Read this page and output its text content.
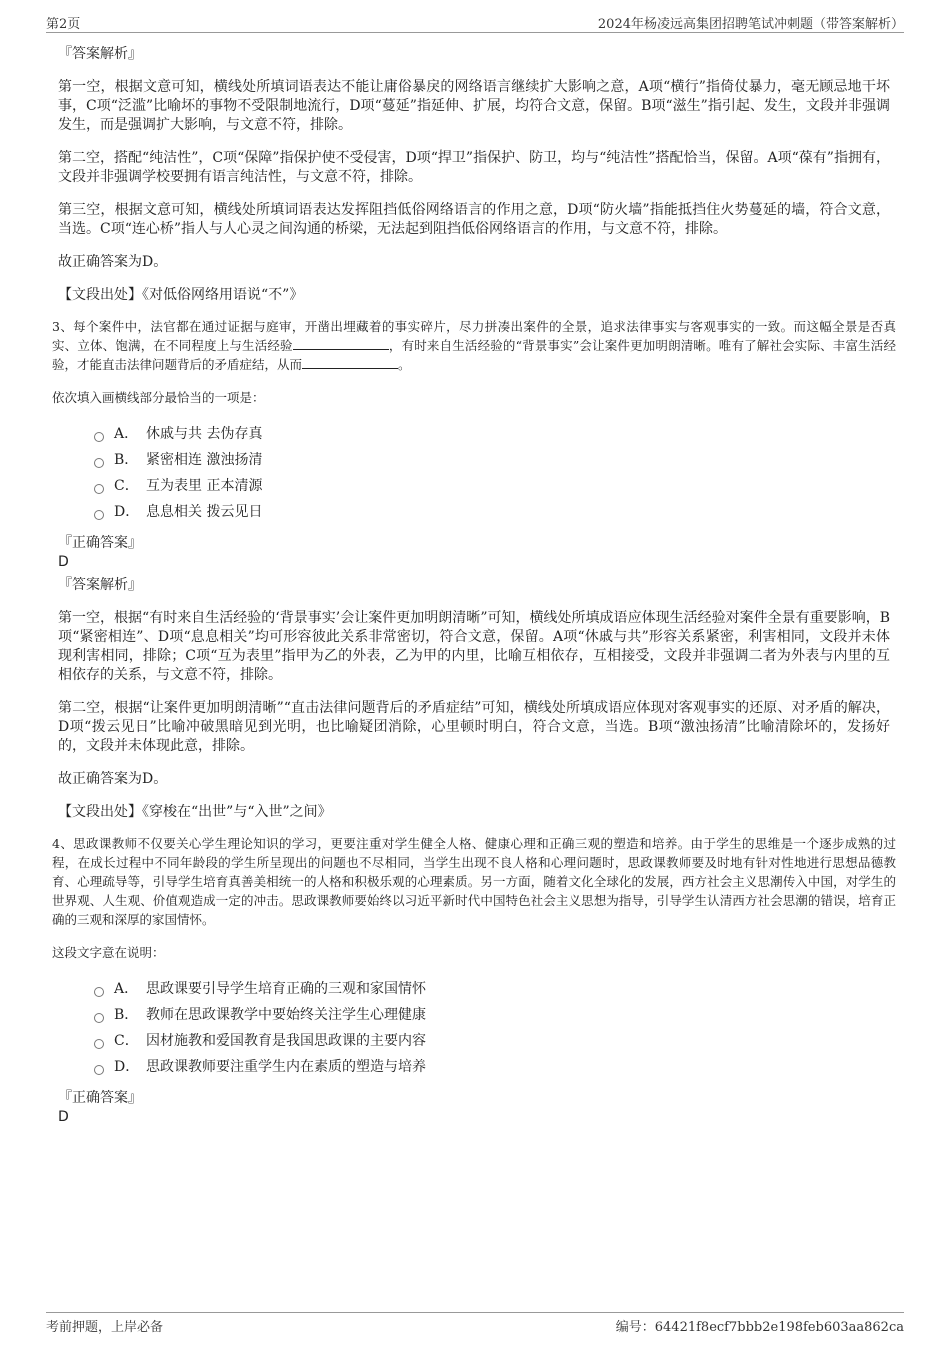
第2页	2024年杨凌远高集团招聘笔试冲刺题（带答案解析）
『答案解析』

第一空，根据文意可知，横线处所填词语表达不能让庸俗暴戾的网络语言继续扩大影响之意，A项“横行”指倚仗暴力，毫无顾忌地干坏事，C项“泛滥”比喻坏的事物不受限制地流行，D项“蔓延”指延伸、扩展，均符合文意，保留。B项“滋生”指引起、发生，文段并非强调发生，而是强调扩大影响，与文意不符，排除。

第二空，搭配“纯洁性”，C项“保障”指保护使不受侵害，D项“捍卫”指保护、防卫，均与“纯洁性”搭配恰当，保留。A项“葆有”指拥有，文段并非强调学校要拥有语言纯洁性，与文意不符，排除。

第三空，根据文意可知，横线处所填词语表达发挥阻挡低俗网络语言的作用之意，D项“防火墙”指能抵挡住火势蔓延的墙，符合文意，当选。C项“连心桥”指人与人心灵之间沟通的桥梁，无法起到阻挡低俗网络语言的作用，与文意不符，排除。

故正确答案为D。

【文段出处】《对低俗网络用语说“不”》

3、每个案件中，法官都在通过证据与庭审，开凿出埋藏着的事实碎片，尽力拼凑出案件的全景，追求法律事实与客观事实的一致。而这幅全景是否真实、立体、饱满，在不同程度上与生活经验	，有时来自生活经验的“背景事实”会让案件更加明朗清晰。唯有了解社会实际、丰富生活经验，才能直击法律问题背后的矛盾症结，从而	。

依次填入画横线部分最恰当的一项是：

A． 休戚与共 去伪存真
B． 紧密相连 激浊扬清
C． 互为表里 正本清源
D． 息息相关 拨云见日
『正确答案』
D
『答案解析』

第一空，根据“有时来自生活经验的‘背景事实’会让案件更加明朗清晰”可知，横线处所填成语应体现生活经验对案件全景有重要影响，B项“紧密相连”、D项“息息相关”均可形容彼此关系非常密切，符合文意，保留。A项“休戚与共”形容关系紧密，利害相同，文段并未体现利害相同，排除；C项“互为表里”指甲为乙的外表，乙为甲的内里，比喻互相依存，互相接受，文段并非强调二者为外表与内里的互相依存的关系，与文意不符，排除。

第二空，根据“让案件更加明朗清晰”“直击法律问题背后的矛盾症结”可知，横线处所填成语应体现对客观事实的还原、对矛盾的解决，D项“拨云见日”比喻冲破黑暗见到光明，也比喻疑团消除，心里顿时明白，符合文意，当选。B项“激浊扬清”比喻清除坏的，发扬好的，文段并未体现此意，排除。

故正确答案为D。

【文段出处】《穿梭在“出世”与“入世”之间》

4、思政课教师不仅要关心学生理论知识的学习，更要注重对学生健全人格、健康心理和正确三观的塑造和培养。由于学生的思维是一个逐步成熟的过程，在成长过程中不同年龄段的学生所呈现出的问题也不尽相同，当学生出现不良人格和心理问题时，思政课教师要及时地有针对性地进行思想品德教育、心理疏导等，引导学生培育真善美相统一的人格和积极乐观的心理素质。另一方面，随着文化全球化的发展，西方社会主义思潮传入中国，对学生的世界观、人生观、价值观造成一定的冲击。思政课教师要始终以习近平新时代中国特色社会主义思想为指导，引导学生认清西方社会思潮的错误，培育正确的三观和深厚的家国情怀。

这段文字意在说明：

A． 思政课要引导学生培育正确的三观和家国情怀
B． 教师在思政课教学中要始终关注学生心理健康
C． 因材施教和爱国教育是我国思政课的主要内容
D． 思政课教师要注重学生内在素质的塑造与培养
『正确答案』
D
考前押题，上岸必备	编号：64421f8ecf7bbb2e198feb603aa862ca
